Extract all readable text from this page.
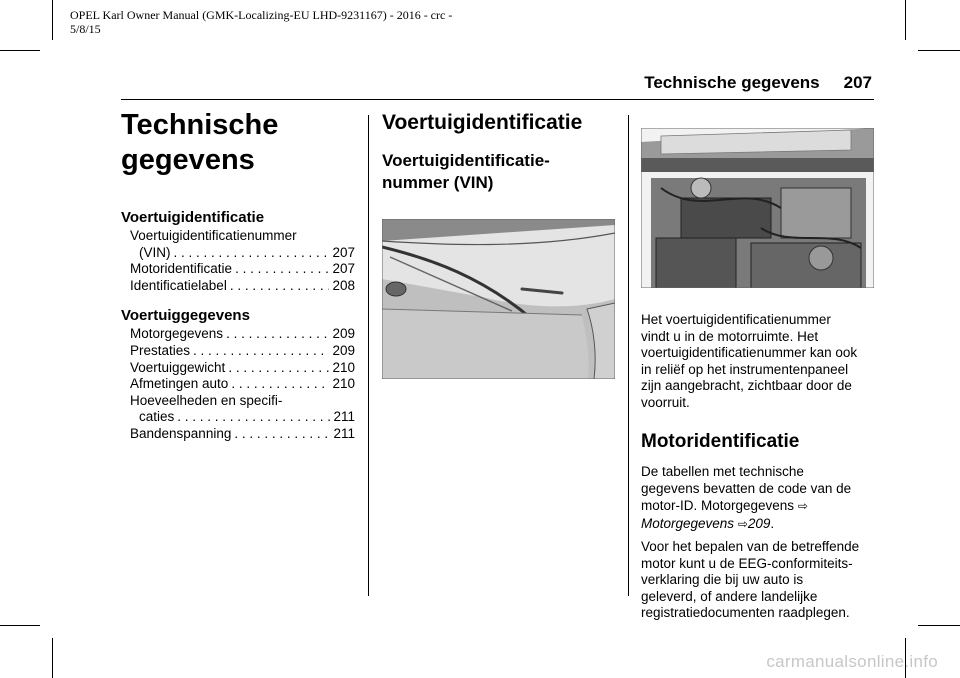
OPEL Karl Owner Manual (GMK-Localizing-EU LHD-9231167) - 2016 - crc -
5/8/15
Technische gegevens 207
Technische
gegevens
Voertuigidentificatie
Voertuigidentificatienummer
(VIN) . . .	207
Motoridentificatie . . .	207
Identificatielabel . . .	208
Voertuiggegevens
Motorgegevens . . .	209
Prestaties . . .	209
Voertuiggewicht . . .	210
Afmetingen auto . . .	210
Hoeveelheden en specifi-
caties . . .	211
Bandenspanning . . .	211
Voertuigidentificatie
Voertuigidentificatie-
nummer (VIN)

Het voertuigidentificatienummer
vindt u in de motorruimte. Het
voertuigidentificatienummer kan ook
in reliëf op het instrumentenpaneel
zijn aangebracht, zichtbaar door de
voorruit.

Motoridentificatie

De tabellen met technische
gegevens bevatten de code van de
motor-ID. Motorgegevens ⇨
Motorgegevens ⇨209.

Voor het bepalen van de betreffende
motor kunt u de EEG-conformiteits-
verklaring die bij uw auto is
geleverd, of andere landelijke
registratiedocumenten raadplegen.

carmanualsonline.info
